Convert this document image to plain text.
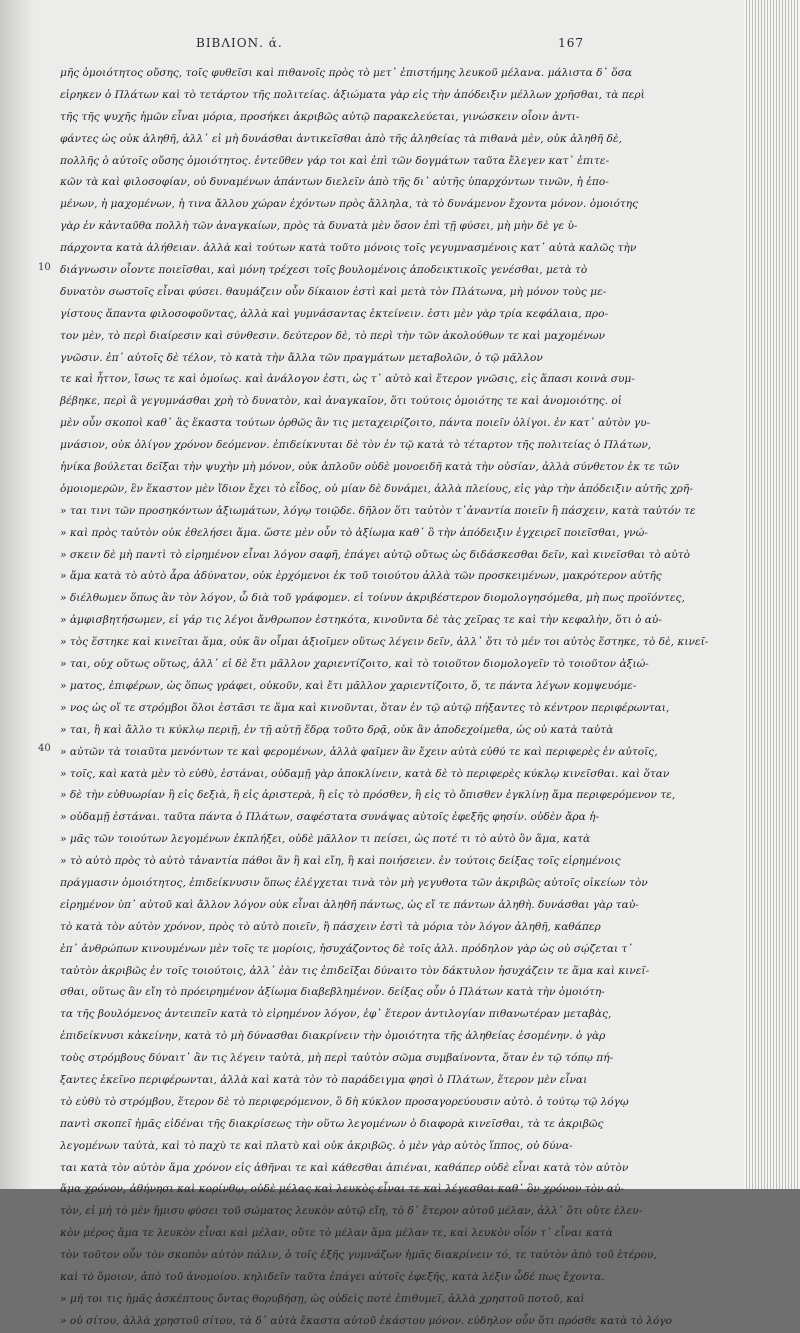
ΒΙΒΛΙΟΝ. ά.	167
10
40
μῆς ὁμοιότητος οὔσης, τοῖς φυθεῖσι καὶ πιθανοῖς πρὸς τὸ μετ᾽ ἐπιστήμης λευκοῦ μέλανα. μάλιστα δ᾽ ὅσα
εἰρηκεν ὁ Πλάτων καὶ τὸ τετάρτον τῆς πολιτείας. ἀξιώματα γὰρ εἰς τὴν ἀπόδειξιν μέλλων χρῆσθαι, τὰ περὶ
τῆς τῆς ψυχῆς ἡμῶν εἶναι μόρια, προσήκει ἀκριβῶς αὐτῷ παρακελεύεται, γινώσκειν οἷοιν ἀντι-
φάντες ὡς οὐκ ἀληθῆ, ἀλλ᾽ εἰ μὴ δυνάσθαι ἀντικεῖσθαι ἀπὸ τῆς ἀληθείας τὰ πιθανὰ μὲν, οὐκ ἀληθῆ δὲ,
πολλῆς ὁ αὐτοῖς οὔσης ὁμοιότητος. ἐντεῦθεν γάρ τοι καὶ ἐπὶ τῶν δογμάτων ταῦτα ἔλεγεν κατ᾽ ἐπιτε-
κῶν τὰ καὶ φιλοσοφίαν, οὐ δυναμένων ἀπάντων διελεῖν ἀπὸ τῆς δι᾽ αὐτῆς ὑπαρχόντων τινῶν, ἡ ἐπο-
μένων, ἡ μαχομένων, ἡ τινα ἄλλου χώραν ἐχόντων πρὸς ἄλληλα, τὰ τὸ δυνάμενον ἔχοντα μόνον. ὁμοιότης
γὰρ ἐν κἀνταῦθα πολλὴ τῶν ἀναγκαίων, πρὸς τὰ δυνατὰ μὲν ὅσον ἐπὶ τῇ φύσει, μὴ μὴν δὲ γε ὑ-
πάρχοντα κατὰ ἀλήθειαν. ἀλλὰ καὶ τούτων κατὰ τοῦτο μόνοις τοῖς γεγυμνασμένοις κατ᾽ αὐτὰ καλῶς τὴν
διάγνωσιν οἷοντε ποιεῖσθαι, καὶ μόνη τρέχεσι τοῖς βουλομένοις ἀποδεικτικοῖς γενέσθαι, μετὰ τὸ
δυνατὸν σωστοῖς εἶναι φύσει. θαυμάζειν οὖν δίκαιον ἐστὶ καὶ μετὰ τὸν Πλάτωνα, μὴ μόνον τοὺς με-
γίστους ἅπαντα φιλοσοφοῦντας, ἀλλὰ καὶ γυμνάσαντας ἐκτείνειν. ἐστι μὲν γὰρ τρία κεφάλαια, προ-
τον μὲν, τὸ περὶ διαίρεσιν καὶ σύνθεσιν. δεύτερον δὲ, τὸ περὶ τὴν τῶν ἀκολούθων τε καὶ μαχομένων
γνῶσιν. ἐπ᾽ αὐτοῖς δὲ τέλον, τὸ κατὰ τὴν ἄλλα τῶν πραγμάτων μεταβολῶν, ὁ τῷ μᾶλλον
τε καὶ ἧττον, ἴσως τε καὶ ὁμοίως. καὶ ἀνάλογον ἐστι, ὡς τ᾽ αὐτὸ καὶ ἕτερον γνῶσις, εἰς ἅπασι κοινὰ συμ-
βέβηκε, περὶ ἃ γεγυμνάσθαι χρὴ τὸ δυνατὸν, καὶ ἀναγκαῖον, ὅτι τούτοις ὁμοιότης τε καὶ ἀνομοιότης. οἱ
μὲν οὖν σκοποὶ καθ᾽ ἃς ἕκαστα τούτων ὀρθῶς ἂν τις μεταχειρίζοιτο, πάντα ποιεῖν ὀλίγοι. ἐν κατ᾽ αὐτὸν γυ-
μνάσιον, οὐκ ὀλίγον χρόνον δεόμενον. ἐπιδείκνυται δὲ τὸν ἐν τῷ κατὰ τὸ τέταρτον τῆς πολιτείας ὁ Πλάτων,
ἡνίκα βούλεται δεῖξαι τὴν ψυχὴν μὴ μόνον, οὐκ ἀπλοῦν οὐδὲ μονοειδῆ κατὰ τὴν οὐσίαν, ἀλλὰ σύνθετον ἐκ τε τῶν
ὁμοιομερῶν, ἓν ἕκαστον μὲν ἴδιον ἔχει τὸ εἶδος, οὐ μίαν δὲ δυνάμει, ἀλλὰ πλείους, εἰς γὰρ τὴν ἀπόδειξιν αὐτῆς χρῆ-
» ται τινι τῶν προσηκόντων ἀξιωμάτων, λόγῳ τοιῷδε. δῆλον ὅτι ταὐτὸν τ᾽ἀναντία ποιεῖν ἢ πάσχειν, κατὰ ταὐτόν τε
» καὶ πρὸς ταὐτὸν οὐκ ἐθελήσει ἅμα. ὥστε μὲν οὖν τὸ ἀξίωμα καθ᾽ ὃ τὴν ἀπόδειξιν ἐγχειρεῖ ποιεῖσθαι, γνώ-
» σκειν δὲ μὴ παντὶ τὸ εἰρημένον εἶναι λόγον σαφῆ, ἐπάγει αὐτῷ οὔτως ὡς διδάσκεσθαι δεῖν, καὶ κινεῖσθαι τὸ αὐτὸ
» ἅμα κατὰ τὸ αὐτὸ ἆρα ἀδύνατον, οὐκ ἐρχόμενοι ἐκ τοῦ τοιούτου ἀλλὰ τῶν προσκειμένων, μακρότερον αὐτῆς
» διέλθωμεν ὅπως ἂν τὸν λόγον, ὧ διὰ τοῦ γράφομεν. εἰ τοίνυν ἀκριβέστερον διομολογησόμεθα, μὴ πως προϊόντες,
» ἀμφισβητήσωμεν, εἰ γάρ τις λέγοι ἄνθρωπον ἑστηκότα, κινοῦντα δὲ τὰς χεῖρας τε καὶ τὴν κεφαλὴν, ὅτι ὁ αὐ-
» τὸς ἕστηκε καὶ κινεῖται ἅμα, οὐκ ἂν οἶμαι ἀξιοῖμεν οὕτως λέγειν δεῖν, ἀλλ᾽ ὅτι τὸ μέν τοι αὐτὸς ἕστηκε, τὸ δὲ, κινεῖ-
» ται, οὐχ οὕτως οὕτως, ἀλλ᾽ εἰ δὲ ἔτι μᾶλλον χαριεντίζοιτο, καὶ τὸ τοιοῦτον διομολογεῖν τὸ τοιοῦτον ἀξιώ-
» ματος, ἐπιφέρων, ὡς ὅπως γράφει, οὐκοῦν, καὶ ἔτι μᾶλλον χαριεντίζοιτο, ὅ, τε πάντα λέγων κομψευόμε-
» νος ὡς οἵ τε στρόμβοι ὅλοι ἑστᾶσι τε ἅμα καὶ κινοῦνται, ὅταν ἐν τῷ αὐτῷ πήξαντες τὸ κέντρον περιφέρωνται,
» ται, ἢ καὶ ἄλλο τι κύκλῳ περιῇ, ἐν τῇ αὐτῇ ἕδρᾳ τοῦτο δρᾷ, οὐκ ἂν ἀποδεχοίμεθα, ὡς οὐ κατὰ ταὐτὰ
» αὐτῶν τὰ τοιαῦτα μενόντων τε καὶ φερομένων, ἀλλὰ φαῖμεν ἂν ἔχειν αὐτὰ εὐθύ τε καὶ περιφερὲς ἐν αὐτοῖς,
» τοῖς, καὶ κατὰ μὲν τὸ εὐθὺ, ἑστάναι, οὐδαμῇ γὰρ ἀποκλίνειν, κατὰ δὲ τὸ περιφερὲς κύκλῳ κινεῖσθαι. καὶ ὅταν
» δὲ τὴν εὐθυωρίαν ἢ εἰς δεξιὰ, ἢ εἰς ἀριστερὰ, ἢ εἰς τὸ πρόσθεν, ἢ εἰς τὸ ὄπισθεν ἐγκλίνῃ ἅμα περιφερόμενον τε,
» οὐδαμῇ ἑστάναι. ταῦτα πάντα ὁ Πλάτων, σαφέστατα συνάψας αὐτοῖς ἐφεξῆς φησίν. οὐδὲν ἄρα ἡ-
» μᾶς τῶν τοιούτων λεγομένων ἐκπλήξει, οὐδὲ μᾶλλον τι πείσει, ὡς ποτέ τι τὸ αὐτὸ ὂν ἅμα, κατὰ
» τὸ αὐτὸ πρὸς τὸ αὐτὸ τἀναντία πάθοι ἂν ἢ καὶ εἴη, ἢ καὶ ποιήσειεν. ἐν τούτοις δείξας τοῖς εἰρημένοις
πράγμασιν ὁμοιότητος, ἐπιδείκνυσιν ὅπως ἐλέγχεται τινὰ τὸν μὴ γεγυθοτα τῶν ἀκριβῶς αὐτοῖς οἰκείων τὸν
εἰρημένον ὑπ᾽ αὐτοῦ καὶ ἄλλον λόγον οὐκ εἶναι ἀληθῆ πάντως, ὡς εἴ τε πάντων ἀληθὴ. δυνάσθαι γὰρ ταὐ-
τὸ κατὰ τὸν αὐτὸν χρόνον, πρὸς τὸ αὐτὸ ποιεῖν, ἢ πάσχειν ἐστὶ τὰ μόρια τὸν λόγον ἀληθῆ, καθάπερ
ἐπ᾽ ἀνθρώπων κινουμένων μὲν τοῖς τε μορίοις, ἡσυχάζοντος δὲ τοῖς ἀλλ. πρόδηλον γὰρ ὡς οὐ σῴζεται τ᾽
ταὐτὸν ἀκριβῶς ἐν τοῖς τοιούτοις, ἀλλ᾽ ἐὰν τις ἐπιδεῖξαι δύναιτο τὸν δάκτυλον ἡσυχάζειν τε ἅμα καὶ κινεῖ-
σθαι, οὕτως ἂν εἴη τὸ πρόειρημένον ἀξίωμα διαβεβλημένον. δείξας οὖν ὁ Πλάτων κατὰ τὴν ὁμοιότη-
τα τῆς βουλόμενος ἀντειπεῖν κατὰ τὸ εἰρημένον λόγον, ἐφ᾽ ἕτερον ἀντιλογίαν πιθανωτέραν μεταβὰς,
ἐπιδείκνυσι κἀκείνην, κατὰ τὸ μὴ δύνασθαι διακρίνειν τὴν ὁμοιότητα τῆς ἀληθείας ἐσομένην. ὁ γὰρ
τοὺς στρόμβους δύναιτ᾽ ἂν τις λέγειν ταὐτὰ, μὴ περὶ ταὐτὸν σῶμα συμβαίνοντα, ὅταν ἐν τῷ τόπῳ πή-
ξαντες ἐκεῖνο περιφέρωνται, ἀλλὰ καὶ κατὰ τὸν τὸ παράδειγμα φησὶ ὁ Πλάτων, ἕτερον μὲν εἶναι
τὸ εὐθὺ τὸ στρόμβου, ἕτερον δὲ τὸ περιφερόμενον, ὃ δὴ κύκλον προσαγορεύουσιν αὐτὸ. ὁ τούτῳ τῷ λόγῳ
παντὶ σκοπεῖ ἡμᾶς εἰδέναι τῆς διακρίσεως τὴν οὕτω λεγομένων ὁ διαφορὰ κινεῖσθαι, τὰ τε ἀκριβῶς
λεγομένων ταὐτὰ, καὶ τὸ παχὺ τε καὶ πλατὺ καὶ οὐκ ἀκριβῶς. ὁ μὲν γὰρ αὐτὸς ἵππος, οὐ δύνα-
ται κατὰ τὸν αὐτὸν ἅμα χρόνον εἰς ἀθῆναι τε καὶ κάθεσθαι ἀπιέναι, καθάπερ οὐδὲ εἶναι κατὰ τὸν αὐτὸν
ἅμα χρόνον, ἀθήνησι καὶ κορίνθῳ, οὐδὲ μέλας καὶ λευκὸς εἶναι τε καὶ λέγεσθαι καθ᾽ ὃν χρόνον τὸν αὐ-
τὸν, εἰ μή τὸ μὲν ἥμισυ φύσει τοῦ σώματος λευκὸν αὐτῷ εἴη, τὸ δ᾽ ἕτερον αὐτοῦ μέλαν, ἀλλ᾽ ὅτι οὔτε ἐλευ-
κὸν μέρος ἅμα τε λευκὸν εἶναι καὶ μέλαν, οὔτε τὸ μέλαν ἅμα μέλαν τε, καὶ λευκὸν οἷόν τ᾽ εἶναι κατὰ
τὸν τοῦτον οὖν τὸν σκοπὸν αὐτὸν πάλιν, ὁ τοῖς ἑξῆς γυμνάζων ἡμᾶς διακρίνειν τό, τε ταὐτὸν ἀπὸ τοῦ ἑτέρου,
καὶ τὸ ὅμοιον, ἀπὸ τοῦ ἀνομοίου. κηλιδεῖν ταῦτα ἐπάγει αὐτοῖς ἐφεξῆς, κατὰ λέξιν ὧδέ πως ἔχοντα.
» μή τοι τις ἡμᾶς ἀσκέπτους ὄντας θορυβήσῃ, ὡς οὐδεὶς ποτὲ ἐπιθυμεῖ, ἀλλὰ χρηστοῦ ποτοῦ, καὶ
» οὐ σίτου, ἀλλὰ χρηστοῦ σίτου, τὰ δ᾽ αὐτὰ ἕκαστα αὐτοῦ ἑκάστου μόνον. εὐδηλον οὖν ὅτι πρόσθε κατὰ τὸ λόγο
